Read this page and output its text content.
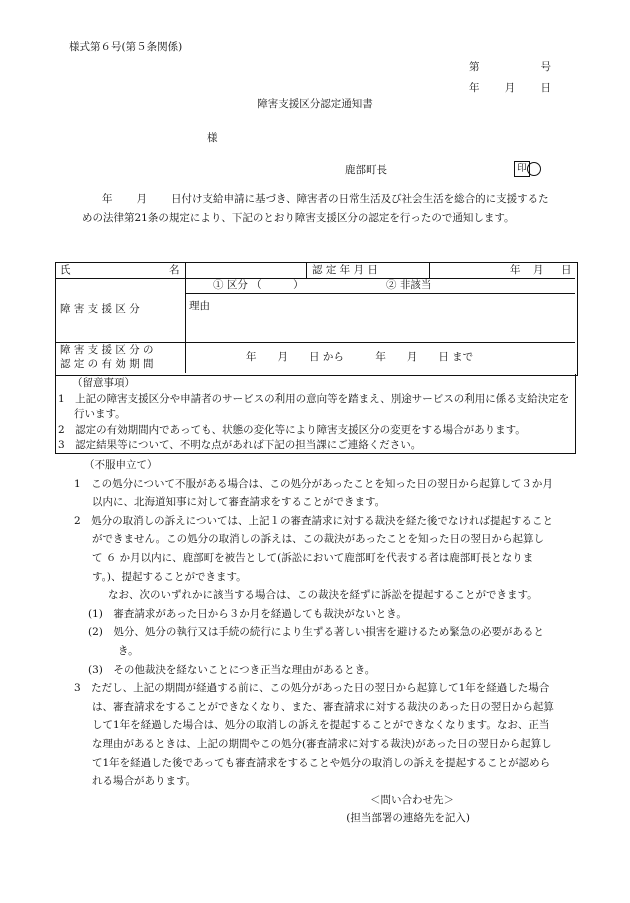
様式第６号(第５条関係)
第	号
年 月 日
障害支援区分認定通知書
様
鹿部町長	印
年 月 日付け支給申請に基づき、障害者の日常生活及び社会生活を総合的に支援するための法律第21条の規定により、下記のとおり障害支援区分の認定を行ったので通知します。
氏	名	認 定 年 月 日	年 月 日
障 害 支 援 区 分
① 区分 （　　　）	② 非該当
理由
障 害 支 援 区 分 の
認 定 の 有 効 期 間
年　　月　　日 から　　　年　　月　　日 まで

（留意事項）

1　上記の障害支援区分や申請者のサービスの利用の意向等を踏まえ、別途サービスの利用に係る支給決定を行います。

2　認定の有効期間内であっても、状態の変化等により障害支援区分の変更をする場合があります。

3　認定結果等について、不明な点があれば下記の担当課にご連絡ください。

（不服申立て）

1　この処分について不服がある場合は、この処分があったことを知った日の翌日から起算して３か月以内に、北海道知事に対して審査請求をすることができます。

2　処分の取消しの訴えについては、上記１の審査請求に対する裁決を経た後でなければ提起することができません。この処分の取消しの訴えは、この裁決があったことを知った日の翌日から起算して ６ か月以内に、鹿部町を被告として(訴訟において鹿部町を代表する者は鹿部町長となります。)、提起することができます。

なお、次のいずれかに該当する場合は、この裁決を経ずに訴訟を提起することができます。

(1)　審査請求があった日から３か月を経過しても裁決がないとき。

(2)　処分、処分の執行又は手続の続行により生ずる著しい損害を避けるため緊急の必要があるとき。

(3)　その他裁決を経ないことにつき正当な理由があるとき。

3　ただし、上記の期間が経過する前に、この処分があった日の翌日から起算して1年を経過した場合は、審査請求をすることができなくなり、また、審査請求に対する裁決のあった日の翌日から起算して1年を経過した場合は、処分の取消しの訴えを提起することができなくなります。なお、正当な理由があるときは、上記の期間やこの処分(審査請求に対する裁決)があった日の翌日から起算して1年を経過した後であっても審査請求をすることや処分の取消しの訴えを提起することが認められる場合があります。

＜問い合わせ先＞

(担当部署の連絡先を記入)
